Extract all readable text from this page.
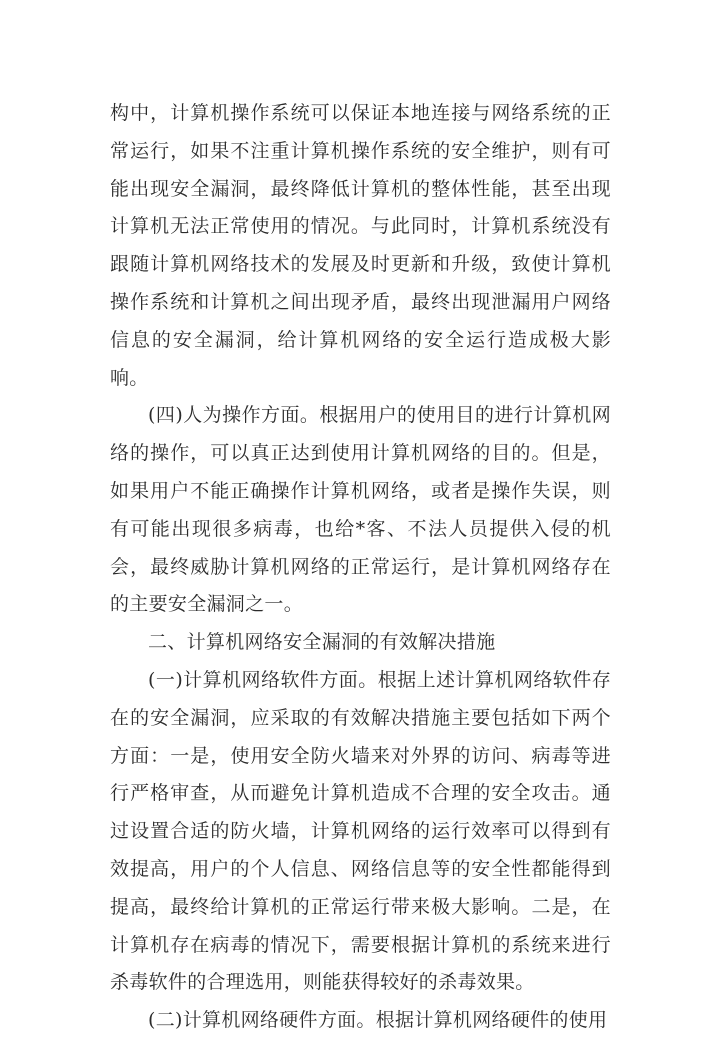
构中，计算机操作系统可以保证本地连接与网络系统的正常运行，如果不注重计算机操作系统的安全维护，则有可能出现安全漏洞，最终降低计算机的整体性能，甚至出现计算机无法正常使用的情况。与此同时，计算机系统没有跟随计算机网络技术的发展及时更新和升级，致使计算机操作系统和计算机之间出现矛盾，最终出现泄漏用户网络信息的安全漏洞，给计算机网络的安全运行造成极大影响。

(四)人为操作方面。根据用户的使用目的进行计算机网络的操作，可以真正达到使用计算机网络的目的。但是，如果用户不能正确操作计算机网络，或者是操作失误，则有可能出现很多病毒，也给*客、不法人员提供入侵的机会，最终威胁计算机网络的正常运行，是计算机网络存在的主要安全漏洞之一。

二、计算机网络安全漏洞的有效解决措施

(一)计算机网络软件方面。根据上述计算机网络软件存在的安全漏洞，应采取的有效解决措施主要包括如下两个方面：一是，使用安全防火墙来对外界的访问、病毒等进行严格审查，从而避免计算机造成不合理的安全攻击。通过设置合适的防火墙，计算机网络的运行效率可以得到有效提高，用户的个人信息、网络信息等的安全性都能得到提高，最终给计算机的正常运行带来极大影响。二是，在计算机存在病毒的情况下，需要根据计算机的系统来进行杀毒软件的合理选用，则能获得较好的杀毒效果。

(二)计算机网络硬件方面。根据计算机网络硬件的使用
